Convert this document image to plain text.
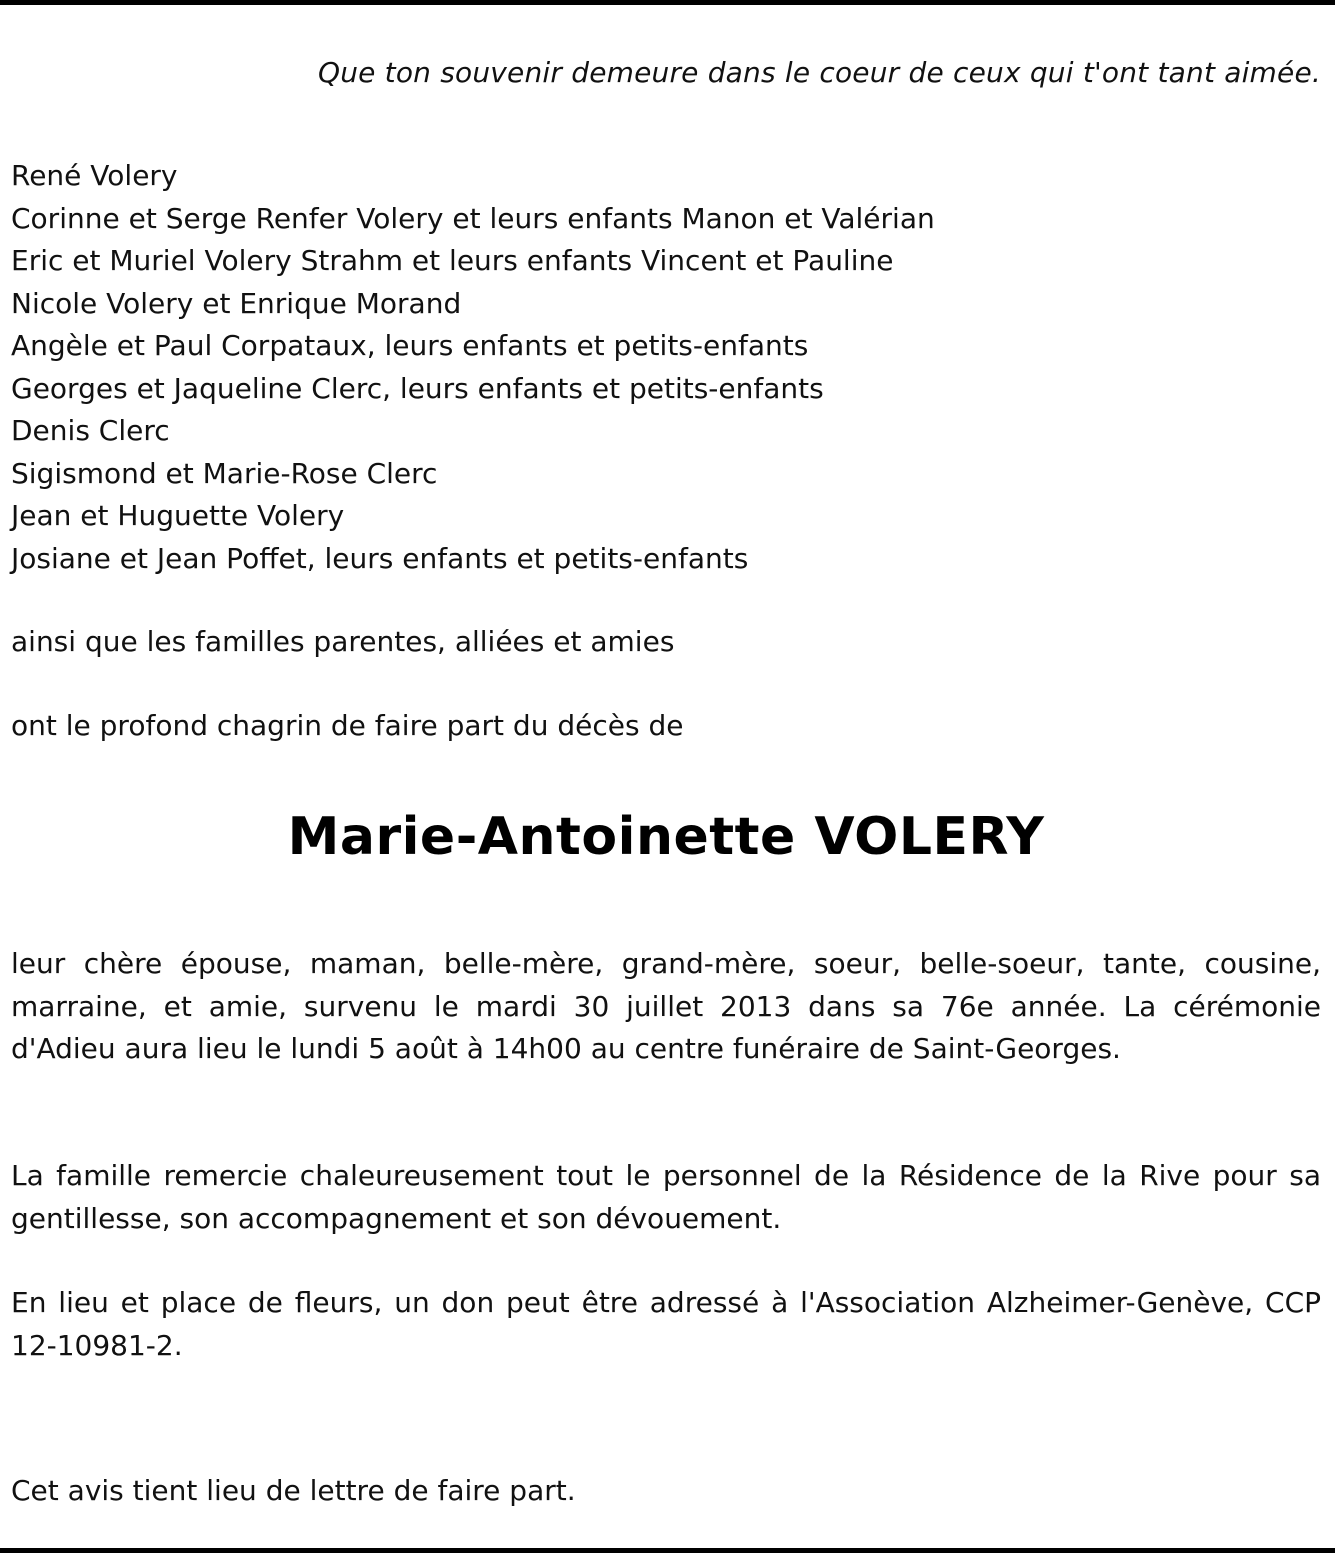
Que ton souvenir demeure dans le coeur de ceux qui t'ont tant aimée.

René Volery
Corinne et Serge Renfer Volery et leurs enfants Manon et Valérian
Eric et Muriel Volery Strahm et leurs enfants Vincent et Pauline
Nicole Volery et Enrique Morand
Angèle et Paul Corpataux, leurs enfants et petits-enfants
Georges et Jaqueline Clerc, leurs enfants et petits-enfants
Denis Clerc
Sigismond et Marie-Rose Clerc
Jean et Huguette Volery
Josiane et Jean Poffet, leurs enfants et petits-enfants
ainsi que les familles parentes, alliées et amies
ont le profond chagrin de faire part du décès de
Marie-Antoinette VOLERY

leur chère épouse, maman, belle-mère, grand-mère, soeur, belle-soeur, tante, cousine, marraine, et amie, survenu le mardi 30 juillet 2013 dans sa 76e année. La cérémonie d'Adieu aura lieu le lundi 5 août à 14h00 au centre funéraire de Saint-Georges.

La famille remercie chaleureusement tout le personnel de la Résidence de la Rive pour sa gentillesse, son accompagnement et son dévouement.

En lieu et place de fleurs, un don peut être adressé à l'Association Alzheimer-Genève, CCP 12-10981-2.

Cet avis tient lieu de lettre de faire part.
